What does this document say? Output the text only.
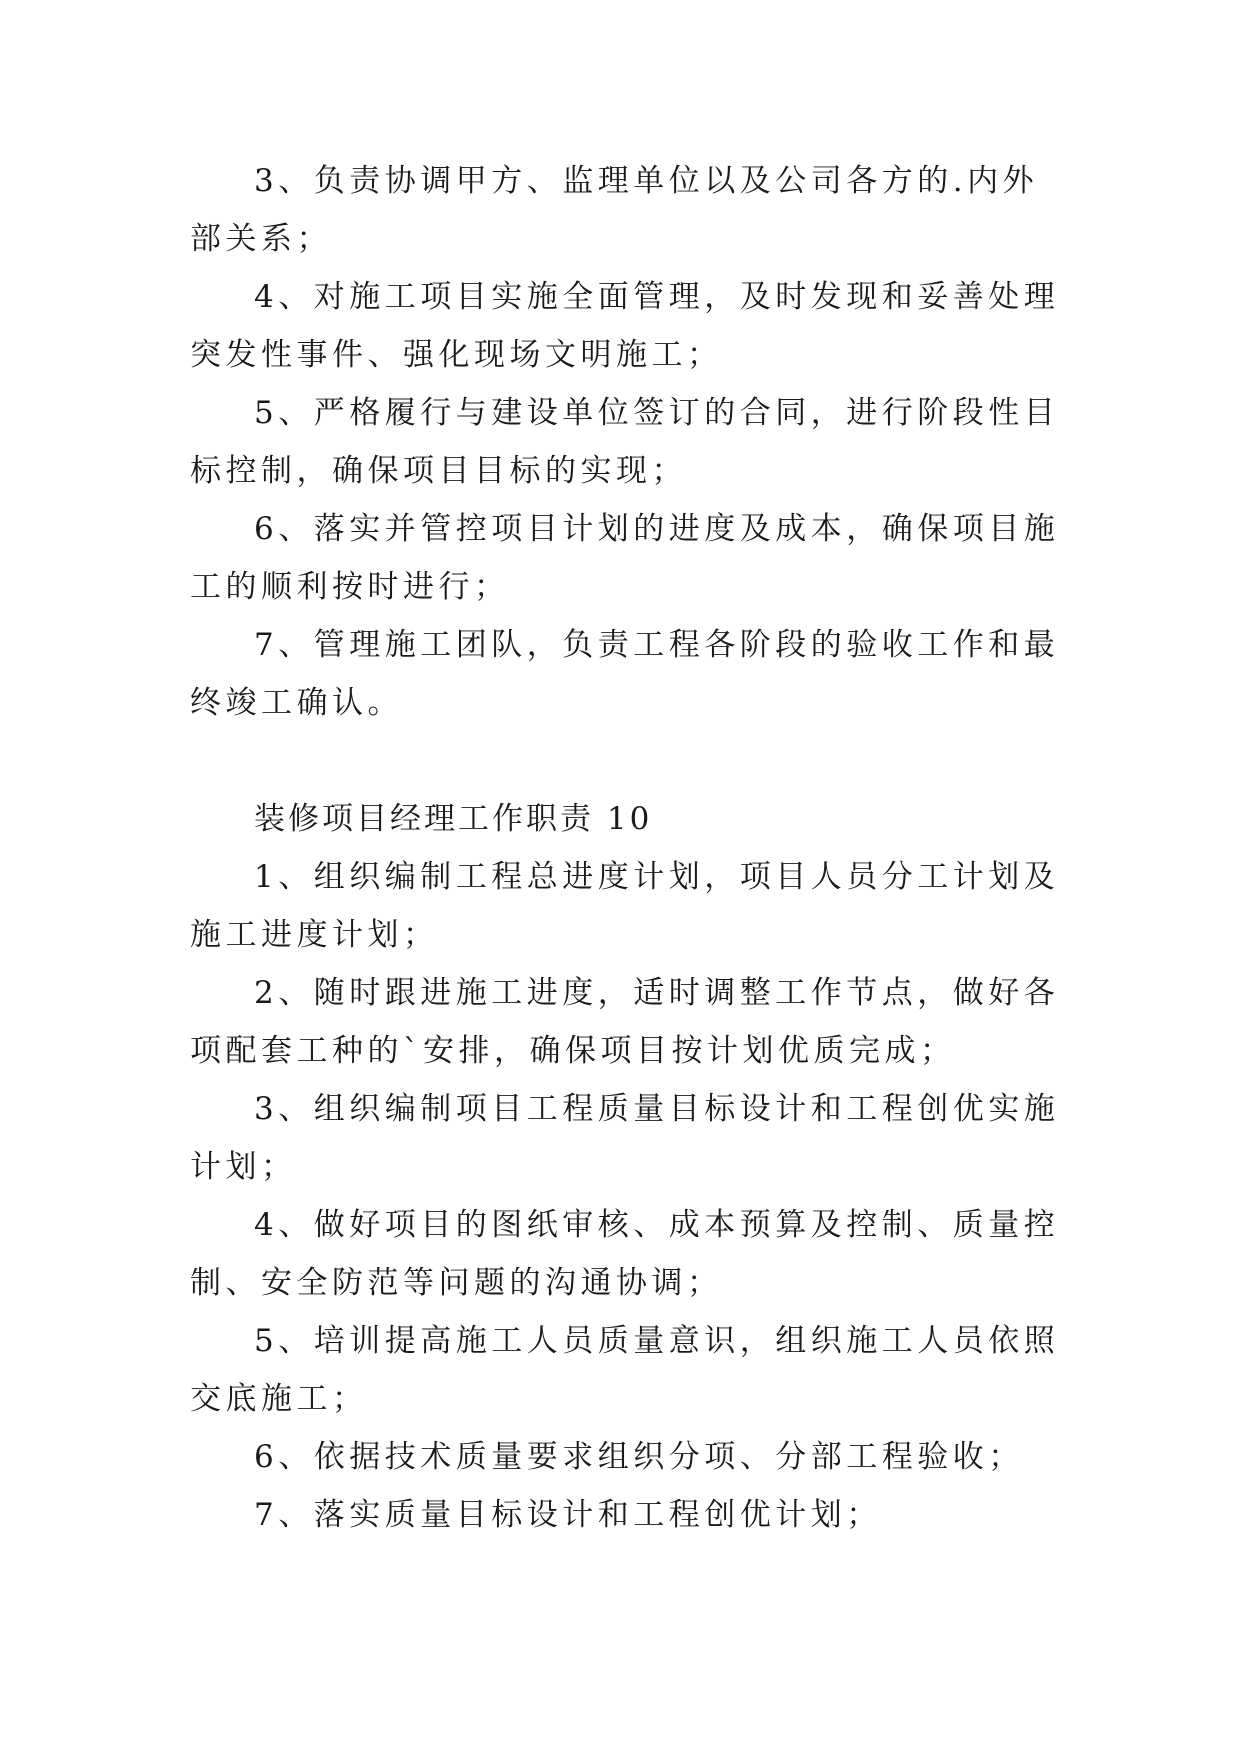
3、负责协调甲方、监理单位以及公司各方的.内外部关系；

4、对施工项目实施全面管理，及时发现和妥善处理突发性事件、强化现场文明施工；

5、严格履行与建设单位签订的合同，进行阶段性目标控制，确保项目目标的实现；

6、落实并管控项目计划的进度及成本，确保项目施工的顺利按时进行；

7、管理施工团队，负责工程各阶段的验收工作和最终竣工确认。

装修项目经理工作职责 10

1、组织编制工程总进度计划，项目人员分工计划及施工进度计划；

2、随时跟进施工进度，适时调整工作节点，做好各项配套工种的`安排，确保项目按计划优质完成；

3、组织编制项目工程质量目标设计和工程创优实施计划；

4、做好项目的图纸审核、成本预算及控制、质量控制、安全防范等问题的沟通协调；

5、培训提高施工人员质量意识，组织施工人员依照交底施工；

6、依据技术质量要求组织分项、分部工程验收；

7、落实质量目标设计和工程创优计划；
